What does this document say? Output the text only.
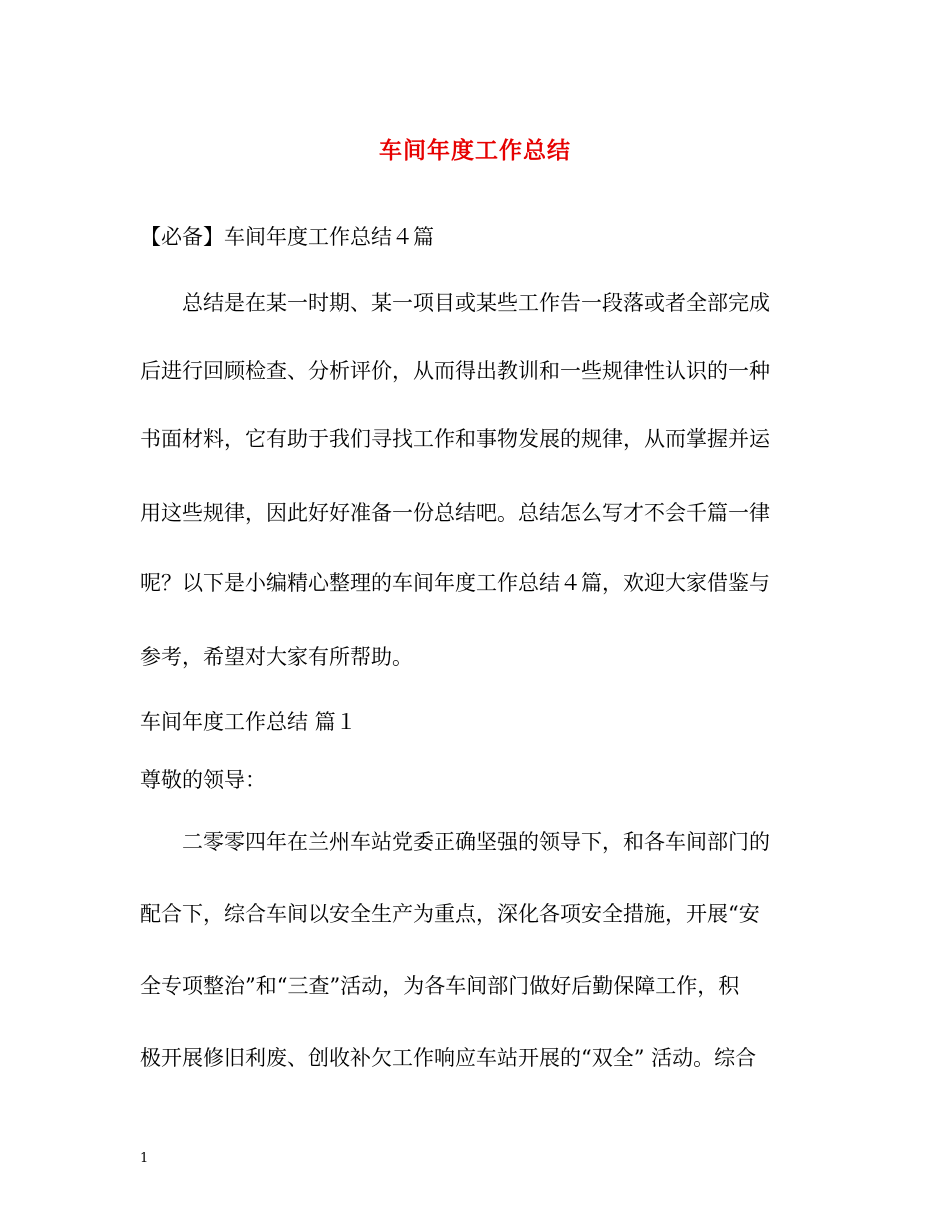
车间年度工作总结

【必备】车间年度工作总结４篇

总结是在某一时期、某一项目或某些工作告一段落或者全部完成

后进行回顾检查、分析评价，从而得出教训和一些规律性认识的一种

书面材料，它有助于我们寻找工作和事物发展的规律，从而掌握并运

用这些规律，因此好好准备一份总结吧。总结怎么写才不会千篇一律

呢？以下是小编精心整理的车间年度工作总结４篇，欢迎大家借鉴与

参考，希望对大家有所帮助。

车间年度工作总结 篇１

尊敬的领导：

二零零四年在兰州车站党委正确坚强的领导下，和各车间部门的

配合下，综合车间以安全生产为重点，深化各项安全措施，开展“安

全专项整治”和“三查”活动，为各车间部门做好后勤保障工作，积

极开展修旧利废、创收补欠工作响应车站开展的“双全” 活动。综合

1
